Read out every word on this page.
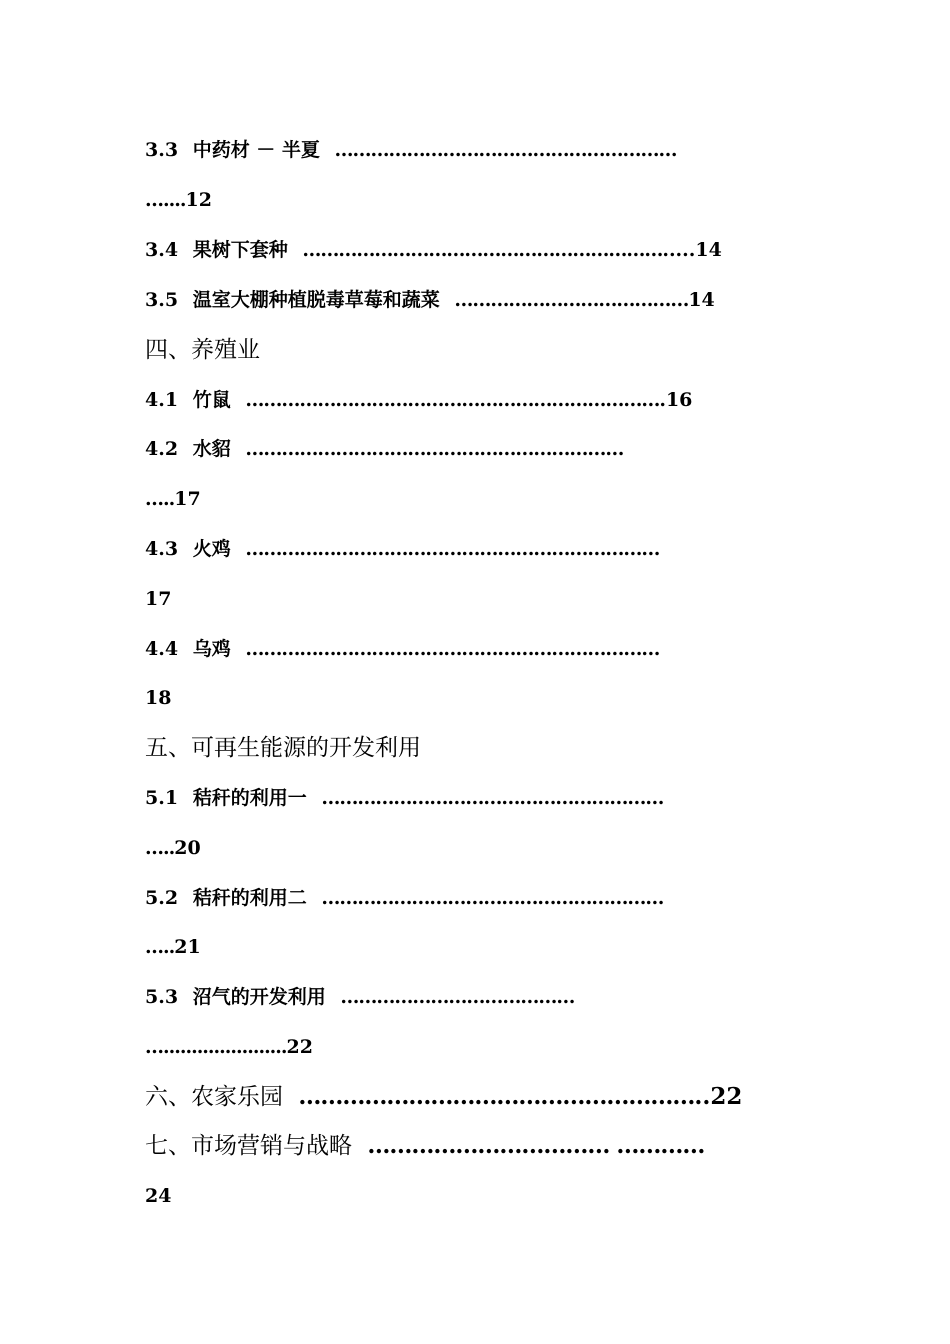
3.3 中药材 － 半夏 …………………………………………………
…....12
3.4 果树下套种 …………………………………………………….....14
3.5 温室大棚种植脱毒草莓和蔬菜 …………………………………14
四、养殖业
4.1 竹鼠 …………………………………………………………….16
4.2 水貂 ………………………………………………………
…..17
4.3 火鸡 ……………………………………………………………
17
4.4 乌鸡 ……………………………………………………………
18
五、可再生能源的开发利用
5.1 秸秆的利用一 …………………………………………………
…..20
5.2 秸秆的利用二 …………………………………………………
…..21
5.3 沼气的开发利用 …………………………………
…......................22
六、农家乐园 ………………………………………………..22
七、市场营销与战略 …………………………… …………
24
